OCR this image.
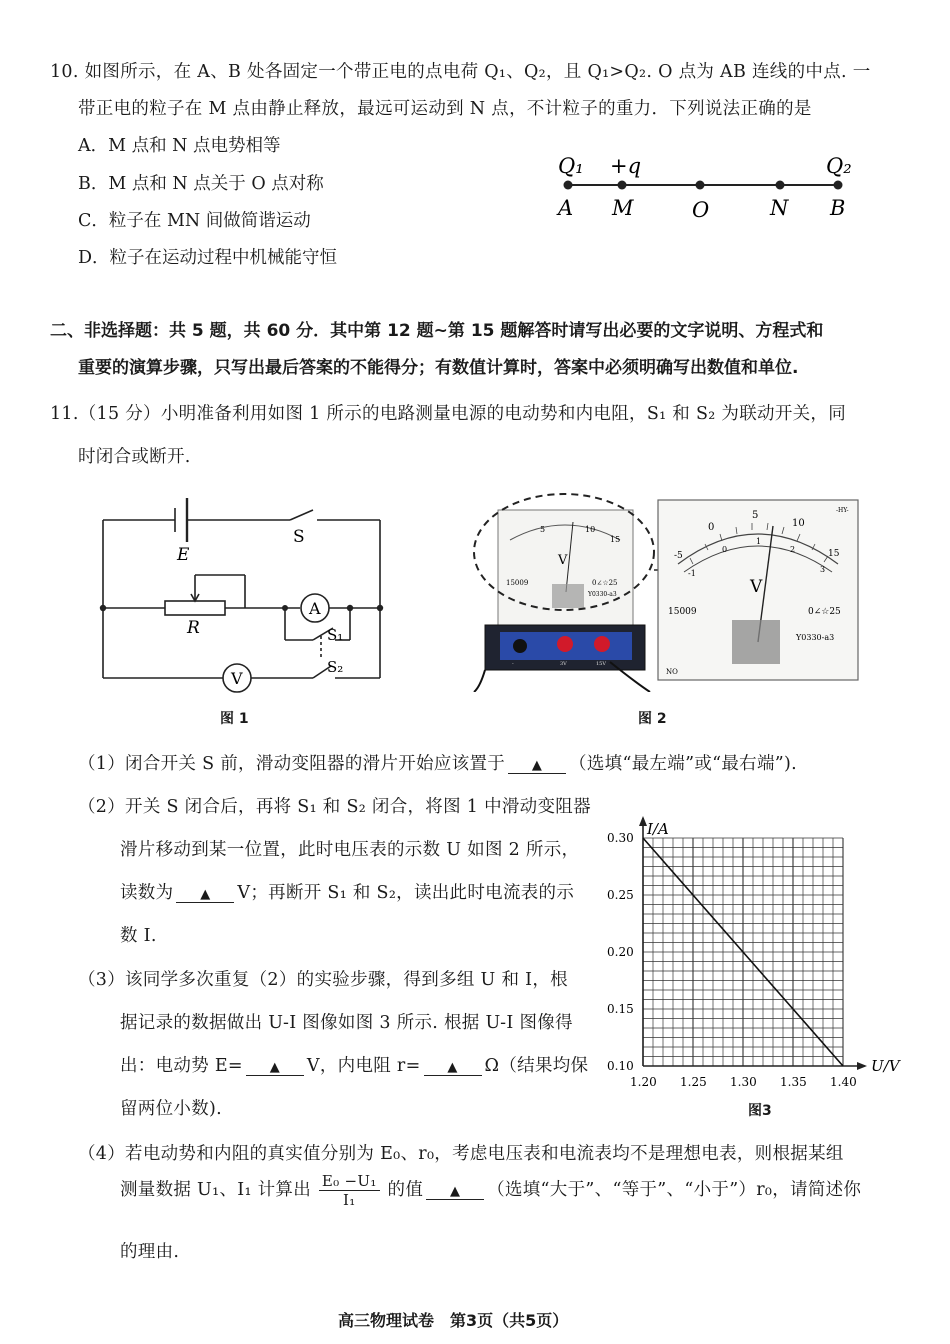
10. 如图所示，在 A、B 处各固定一个带正电的点电荷 Q₁、Q₂，且 Q₁>Q₂. O 点为 AB 连线的中点. 一
带正电的粒子在 M 点由静止释放，最远可运动到 N 点，不计粒子的重力．下列说法正确的是
A．M 点和 N 点电势相等
B．M 点和 N 点关于 O 点对称
C．粒子在 MN 间做简谐运动
D．粒子在运动过程中机械能守恒
Q₁ +q	Q₂
A M	O	N B
二、非选择题：共 5 题，共 60 分．其中第 12 题~第 15 题解答时请写出必要的文字说明、方程式和
重要的演算步骤，只写出最后答案的不能得分；有数值计算时，答案中必须明确写出数值和单位.
11.（15 分）小明准备利用如图 1 所示的电路测量电源的电动势和内电阻，S₁ 和 S₂ 为联动开关，同
时闭合或断开.
E
S
R
A
S₁
S₂
V
图 1
5	10
15
V
15009	0∠☆25
Y0330-a3
0
5
10
-5	15
-1
0
1
2
3
V
15009	0∠☆25
Y0330-a3
NO
-HY-
-	3V	15V
图 2
（1）闭合开关 S 前，滑动变阻器的滑片开始应该置于 ▲ （选填“最左端”或“最右端”).
（2）开关 S 闭合后，再将 S₁ 和 S₂ 闭合，将图 1 中滑动变阻器
滑片移动到某一位置，此时电压表的示数 U 如图 2 所示，
读数为 ▲ V；再断开 S₁ 和 S₂，读出此时电流表的示
数 I.
（3）该同学多次重复（2）的实验步骤，得到多组 U 和 I，根
据记录的数据做出 U-I 图像如图 3 所示. 根据 U-I 图像得
出：电动势 E= ▲ V，内电阻 r= ▲ Ω（结果均保
留两位小数).
I/A
U/V
1.20 1.25 1.30 1.35 1.40
0.10
0.15
0.20
0.25
0.30
图3
（4）若电动势和内阻的真实值分别为 E₀、r₀，考虑电压表和电流表均不是理想电表，则根据某组
测量数据 U₁、I₁ 计算出 $\frac{\text{E₀ −U₁}}{\text{I₁}}$ 的值 ▲ （选填“大于”、“等于”、“小于”）r₀，请简述你
的理由.
高三物理试卷　第3页（共5页）
